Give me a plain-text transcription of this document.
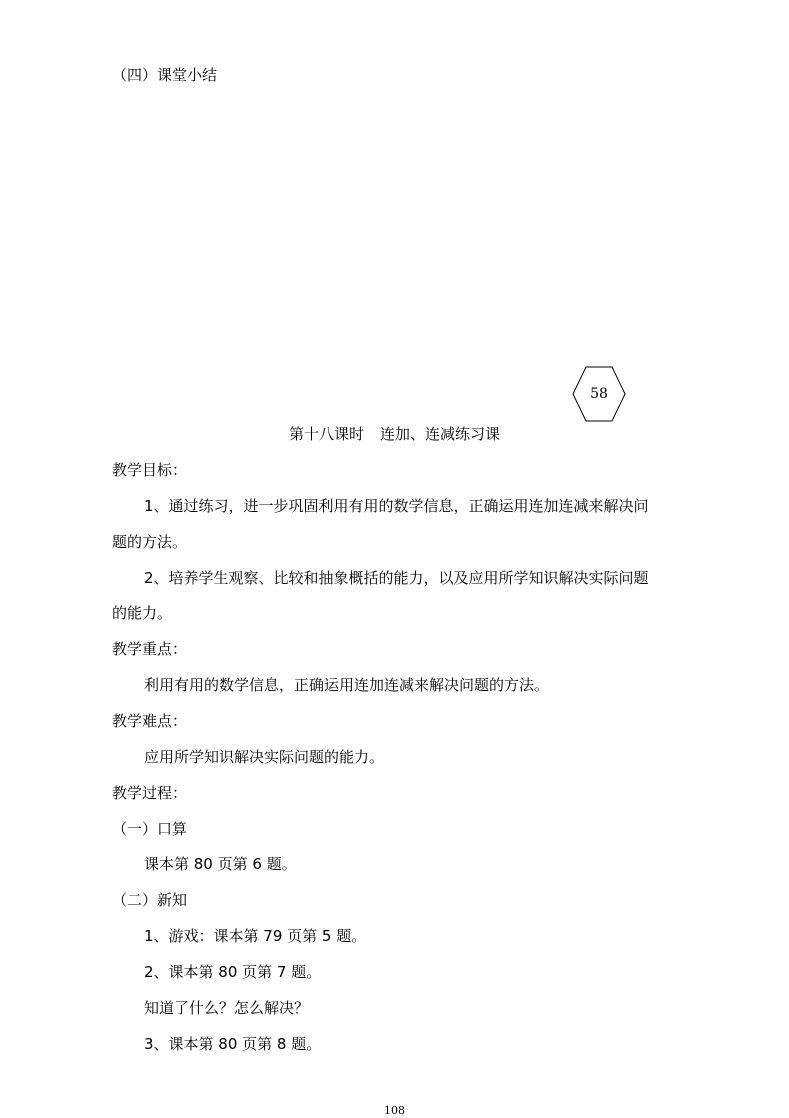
（四）课堂小结
58
第十八课时 连加、连减练习课
教学目标：
1、通过练习，进一步巩固利用有用的数学信息，正确运用连加连减来解决问
题的方法。
2、培养学生观察、比较和抽象概括的能力，以及应用所学知识解决实际问题
的能力。
教学重点：
利用有用的数学信息，正确运用连加连减来解决问题的方法。
教学难点：
应用所学知识解决实际问题的能力。
教学过程：
（一）口算
课本第 80 页第 6 题。
（二）新知
1、游戏：课本第 79 页第 5 题。
2、课本第 80 页第 7 题。
知道了什么？怎么解决？
3、课本第 80 页第 8 题。
108
